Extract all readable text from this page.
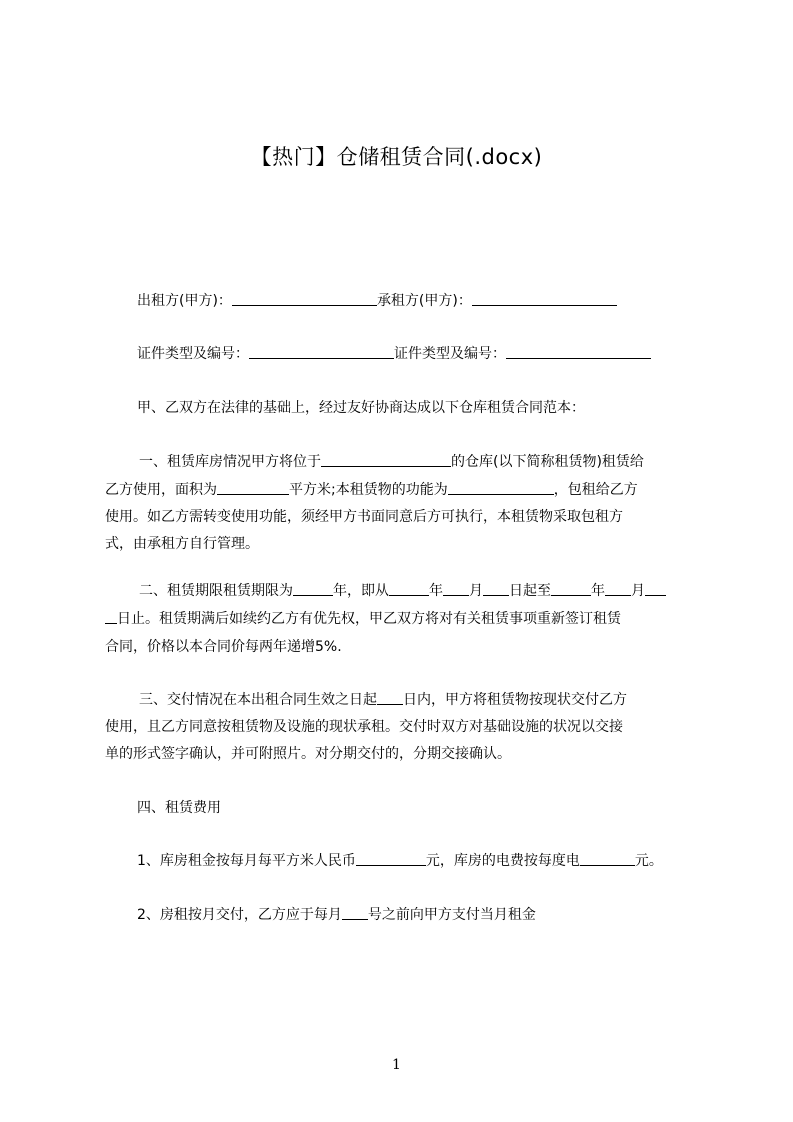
【热门】仓储租赁合同(.docx)
出租方(甲方)：	承租方(甲方)：
证件类型及编号：	证件类型及编号：
甲、乙双方在法律的基础上，经过友好协商达成以下仓库租赁合同范本：
一、租赁库房情况甲方将位于	的仓库(以下简称租赁物)租赁给
乙方使用，面积为	平方米;本租赁物的功能为	，包租给乙方
使用。如乙方需转变使用功能，须经甲方书面同意后方可执行，本租赁物采取包租方
式，由承租方自行管理。
二、租赁期限租赁期限为	年，即从	年 月 日起至	年 月
日止。租赁期满后如续约乙方有优先权，甲乙双方将对有关租赁事项重新签订租赁
合同，价格以本合同价每两年递增5%.
三、交付情况在本出租合同生效之日起 日内，甲方将租赁物按现状交付乙方
使用，且乙方同意按租赁物及设施的现状承租。交付时双方对基础设施的状况以交接
单的形式签字确认，并可附照片。对分期交付的，分期交接确认。
四、租赁费用
1、库房租金按每月每平方米人民币	元，库房的电费按每度电	元。
2、房租按月交付，乙方应于每月 号之前向甲方支付当月租金
1
